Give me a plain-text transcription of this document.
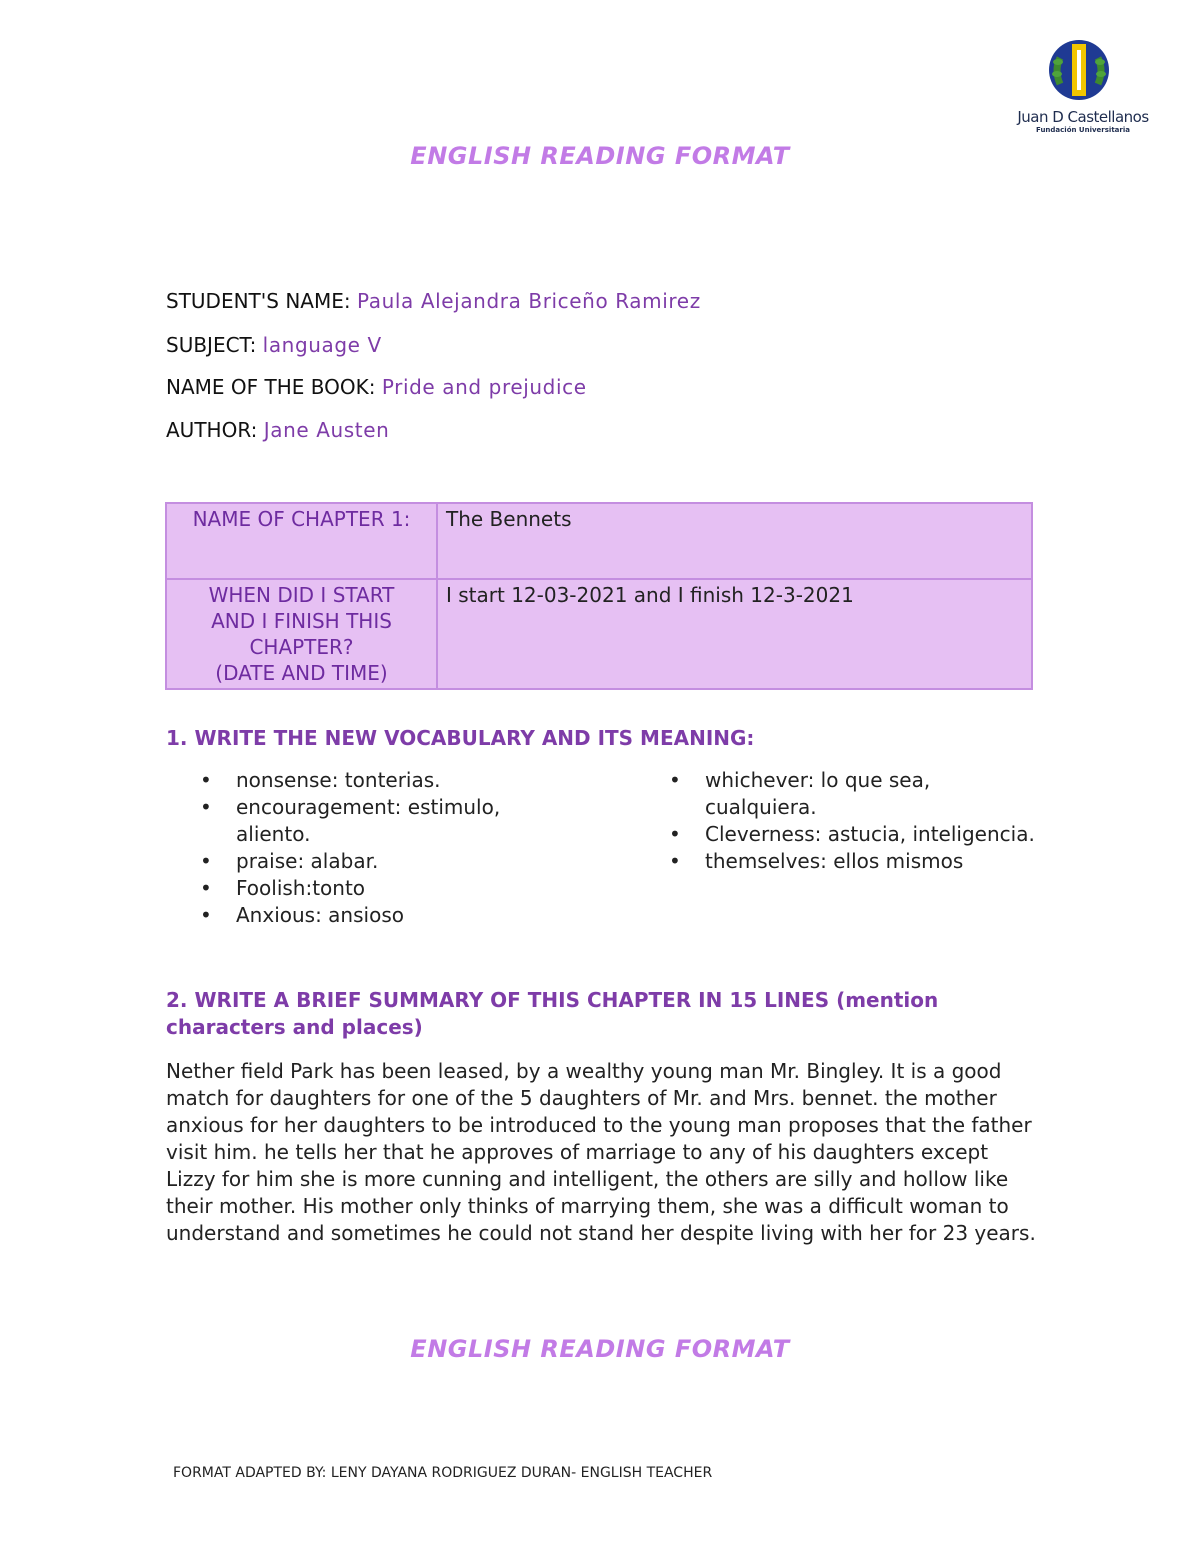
Juan D Castellanos
Fundación Universitaria
ENGLISH READING FORMAT
STUDENT'S NAME: Paula Alejandra Briceño Ramirez
SUBJECT: language V
NAME OF THE BOOK: Pride and prejudice
AUTHOR: Jane Austen
NAME OF CHAPTER 1:	The Bennets

WHEN DID I START
AND I FINISH THIS
CHAPTER?
(DATE AND TIME)	I start 12-03-2021 and I finish 12-3-2021
1. WRITE THE NEW VOCABULARY AND ITS MEANING:
• nonsense: tonterias.
• encouragement: estimulo, aliento.
• praise: alabar.
• Foolish:tonto
• Anxious: ansioso
• whichever: lo que sea, cualquiera.
• Cleverness: astucia, inteligencia.
• themselves: ellos mismos
2. WRITE A BRIEF SUMMARY OF THIS CHAPTER IN 15 LINES (mention characters and places)
Nether field Park has been leased, by a wealthy young man Mr. Bingley. It is a good match for daughters for one of the 5 daughters of Mr. and Mrs. bennet. the mother anxious for her daughters to be introduced to the young man proposes that the father visit him. he tells her that he approves of marriage to any of his daughters except Lizzy for him she is more cunning and intelligent, the others are silly and hollow like their mother. His mother only thinks of marrying them, she was a difficult woman to understand and sometimes he could not stand her despite living with her for 23 years.
ENGLISH READING FORMAT
FORMAT ADAPTED BY: LENY DAYANA RODRIGUEZ DURAN- ENGLISH TEACHER
